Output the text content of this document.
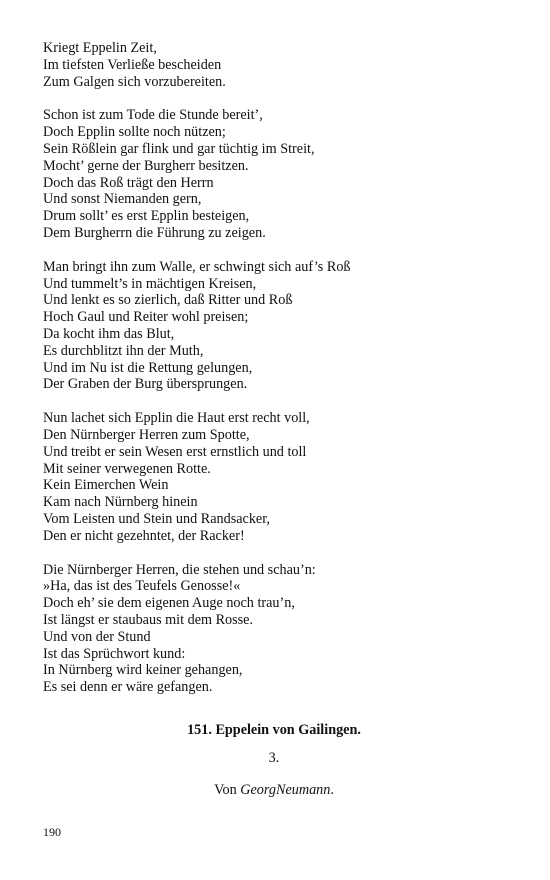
Kriegt Eppelin Zeit,
Im tiefsten Verließe bescheiden
Zum Galgen sich vorzubereiten.
Schon ist zum Tode die Stunde bereit’,
Doch Epplin sollte noch nützen;
Sein Rößlein gar flink und gar tüchtig im Streit,
Mocht’ gerne der Burgherr besitzen.
Doch das Roß trägt den Herrn
Und sonst Niemanden gern,
Drum sollt’ es erst Epplin besteigen,
Dem Burgherrn die Führung zu zeigen.
Man bringt ihn zum Walle, er schwingt sich auf’s Roß
Und tummelt’s in mächtigen Kreisen,
Und lenkt es so zierlich, daß Ritter und Roß
Hoch Gaul und Reiter wohl preisen;
Da kocht ihm das Blut,
Es durchblitzt ihn der Muth,
Und im Nu ist die Rettung gelungen,
Der Graben der Burg übersprungen.
Nun lachet sich Epplin die Haut erst recht voll,
Den Nürnberger Herren zum Spotte,
Und treibt er sein Wesen erst ernstlich und toll
Mit seiner verwegenen Rotte.
Kein Eimerchen Wein
Kam nach Nürnberg hinein
Vom Leisten und Stein und Randsacker,
Den er nicht gezehntet, der Racker!
Die Nürnberger Herren, die stehen und schau’n:
»Ha, das ist des Teufels Genosse!«
Doch eh’ sie dem eigenen Auge noch trau’n,
Ist längst er staubaus mit dem Rosse.
Und von der Stund
Ist das Sprüchwort kund:
In Nürnberg wird keiner gehangen,
Es sei denn er wäre gefangen.
151. Eppelein von Gailingen.
3.
Von GeorgNeumann.
190
